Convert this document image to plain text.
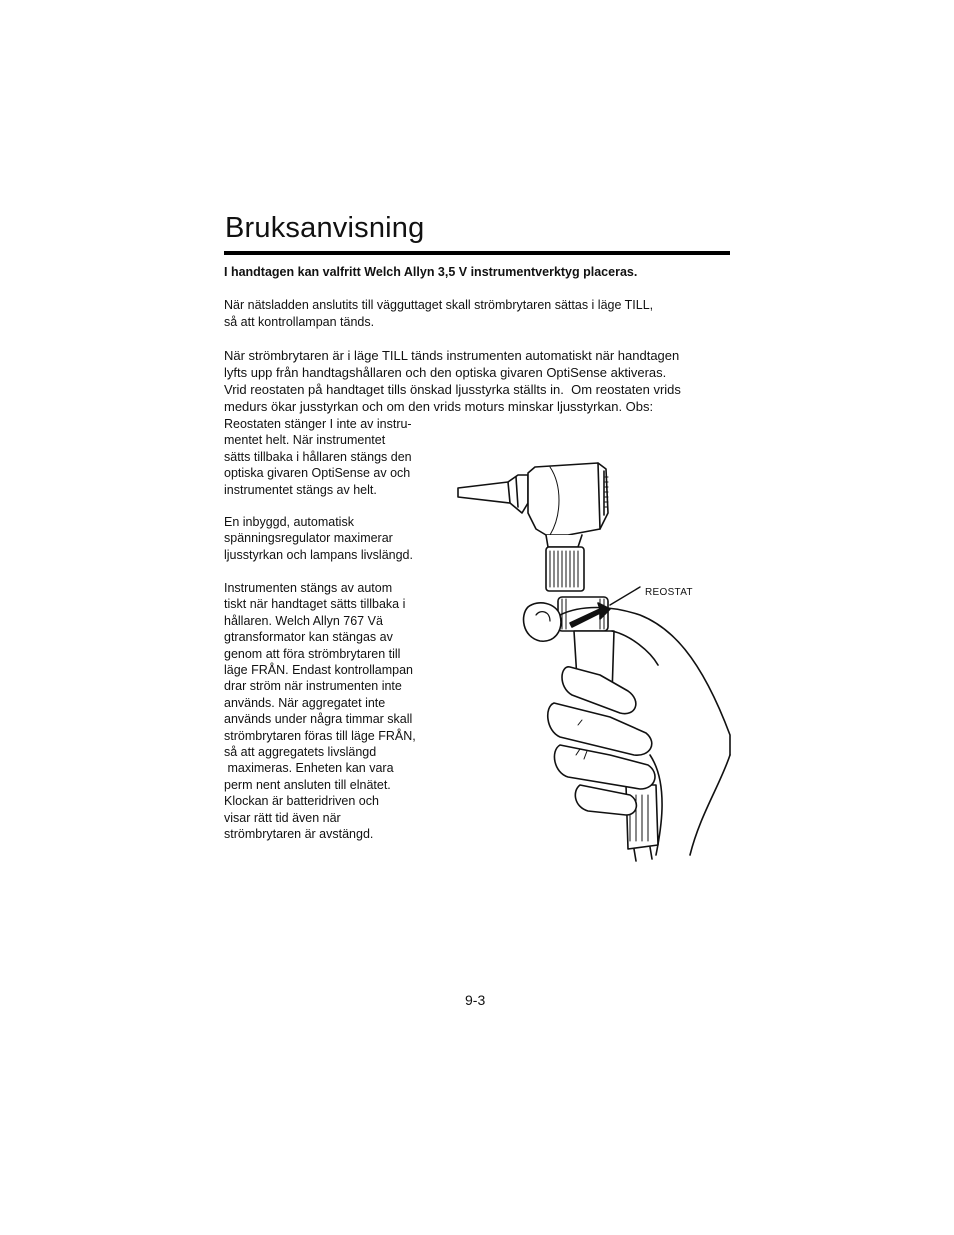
Bruksanvisning
I handtagen kan valfritt Welch Allyn 3,5 V instrumentverktyg placeras.
När nätsladden anslutits till vägguttaget skall strömbrytaren sättas i läge TILL,
så att kontrollampan tänds.
När strömbrytaren är i läge TILL tänds instrumenten automatiskt när handtagen
lyfts upp från handtagshållaren och den optiska givaren OptiSense aktiveras.
Vrid reostaten på handtaget tills önskad ljusstyrka ställts in.  Om reostaten vrids
medurs ökar jusstyrkan och om den vrids moturs minskar ljusstyrkan. Obs:
Reostaten stänger I inte av instru-
mentet helt. När instrumentet
sätts tillbaka i hållaren stängs den
optiska givaren OptiSense av och
instrumentet stängs av helt.
En inbyggd, automatisk
spänningsregulator maximerar
ljusstyrkan och lampans livslängd.
Instrumenten stängs av autom
tiskt när handtaget sätts tillbaka i
hållaren. Welch Allyn 767 Vä
gtransformator kan stängas av
genom att föra strömbrytaren till
läge FRÅN. Endast kontrollampan
drar ström när instrumenten inte
används. När aggregatet inte
används under några timmar skall
strömbrytaren föras till läge FRÅN,
så att aggregatets livslängd
maximeras. Enheten kan vara
perm nent ansluten till elnätet.
Klockan är batteridriven och
visar rätt tid även när
strömbrytaren är avstängd.
REOSTAT
9-3
